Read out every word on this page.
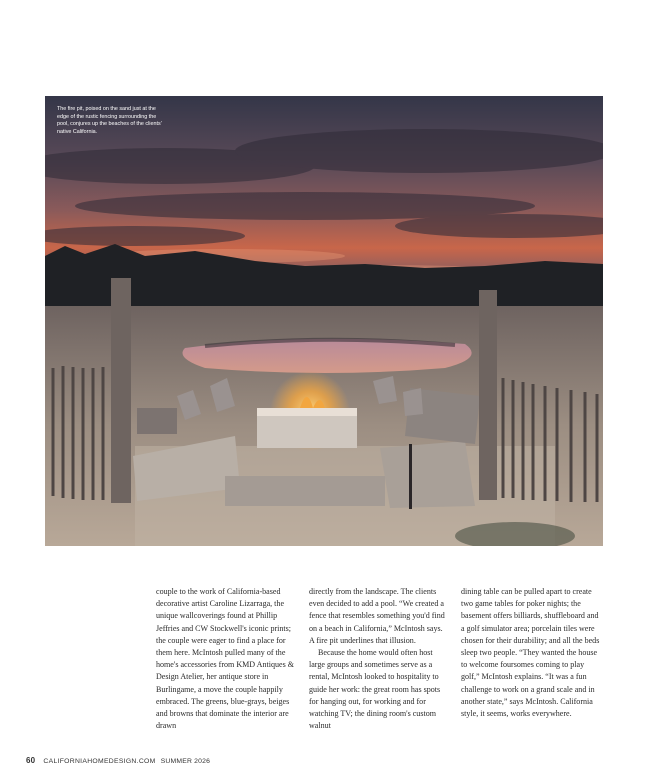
The fire pit, poised on the sand just at the edge of the rustic fencing surrounding the pool, conjures up the beaches of the clients' native California.

couple to the work of California-based decorative artist Caroline Lizarraga, the unique wallcoverings found at Phillip Jeffries and CW Stockwell's iconic prints; the couple were eager to find a place for them here. McIntosh pulled many of the home's accessories from KMD Antiques & Design Atelier, her antique store in Burlingame, a move the couple happily embraced. The greens, blue-grays, beiges and browns that dominate the interior are drawn

directly from the landscape. The clients even decided to add a pool. “We created a fence that resembles something you'd find on a beach in California,” McIntosh says. A fire pit underlines that illusion.

Because the home would often host large groups and sometimes serve as a rental, McIntosh looked to hospitality to guide her work: the great room has spots for hanging out, for working and for watching TV; the dining room's custom walnut

dining table can be pulled apart to create two game tables for poker nights; the basement offers billiards, shuffleboard and a golf simulator area; porcelain tiles were chosen for their durability; and all the beds sleep two people. “They wanted the house to welcome foursomes coming to play golf,” McIntosh explains. “It was a fun challenge to work on a grand scale and in another state,” says McIntosh. California style, it seems, works everywhere.

60 CALIFORNIAHOMEDESIGN.COM SUMMER 2026
